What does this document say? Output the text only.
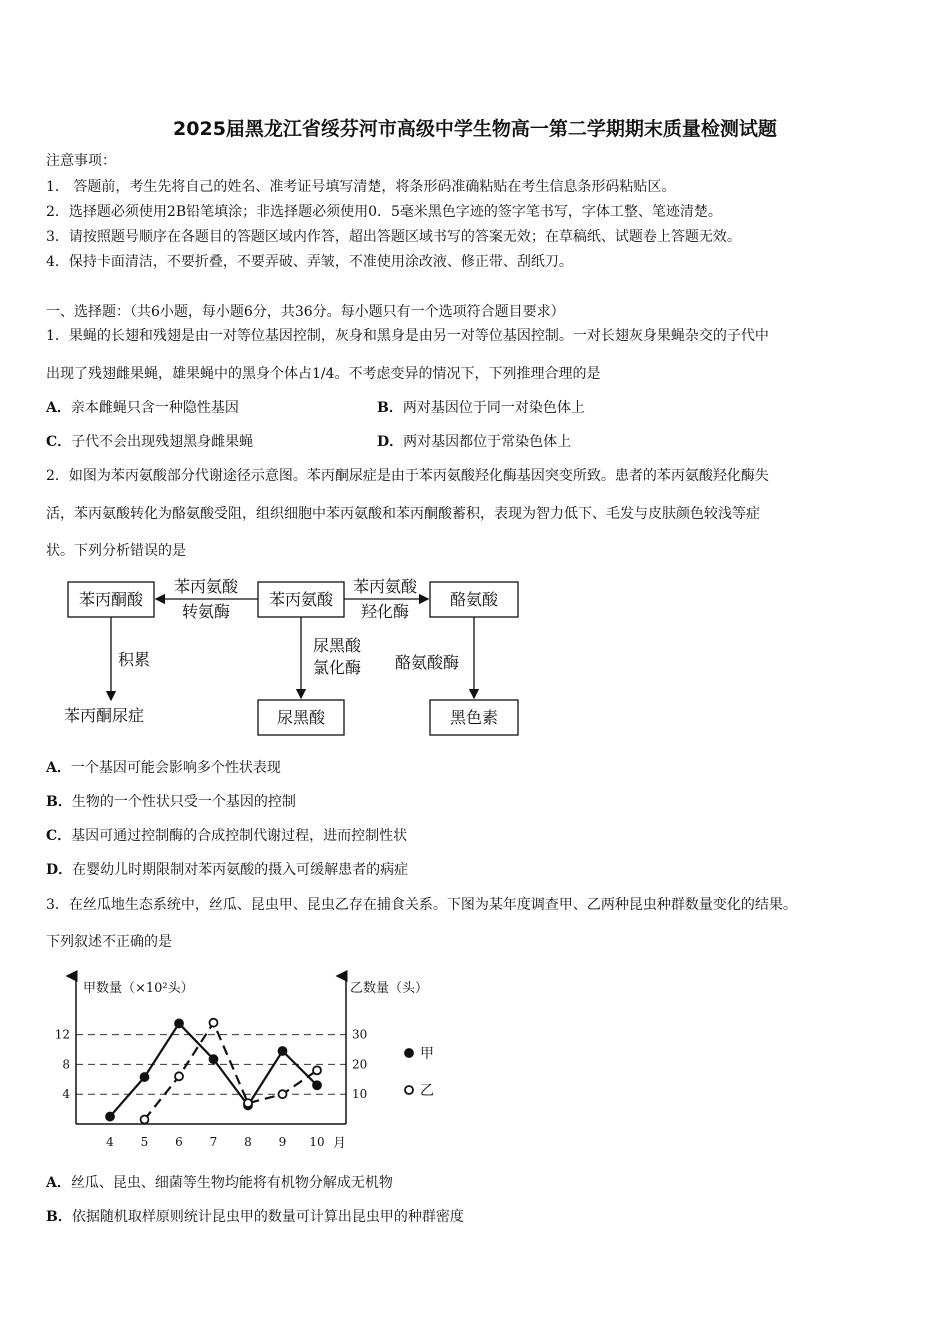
2025届黑龙江省绥芬河市高级中学生物高一第二学期期末质量检测试题
注意事项：
1． 答题前，考生先将自己的姓名、准考证号填写清楚，将条形码准确粘贴在考生信息条形码粘贴区。
2．选择题必须使用2B铅笔填涂；非选择题必须使用0．5毫米黑色字迹的签字笔书写，字体工整、笔迹清楚。
3．请按照题号顺序在各题目的答题区域内作答，超出答题区域书写的答案无效；在草稿纸、试题卷上答题无效。
4．保持卡面清洁，不要折叠，不要弄破、弄皱，不准使用涂改液、修正带、刮纸刀。
一、选择题：（共6小题，每小题6分，共36分。每小题只有一个选项符合题目要求）
1．果蝇的长翅和残翅是由一对等位基因控制，灰身和黑身是由另一对等位基因控制。一对长翅灰身果蝇杂交的子代中
出现了残翅雌果蝇，雄果蝇中的黑身个体占1/4。不考虑变异的情况下，下列推理合理的是
A．亲本雌蝇只含一种隐性基因	B．两对基因位于同一对染色体上
C．子代不会出现残翅黑身雌果蝇	D．两对基因都位于常染色体上
2．如图为苯丙氨酸部分代谢途径示意图。苯丙酮尿症是由于苯丙氨酸羟化酶基因突变所致。患者的苯丙氨酸羟化酶失
活，苯丙氨酸转化为酪氨酸受阻，组织细胞中苯丙氨酸和苯丙酮酸蓄积，表现为智力低下、毛发与皮肤颜色较浅等症
状。下列分析错误的是
苯丙酮酸	苯丙氨酸	酪氨酸
尿黑酸	黑色素
苯丙氨酸
转氨酶
苯丙氨酸
羟化酶
积累
苯丙酮尿症
尿黑酸
氯化酶 酪氨酸酶
A．一个基因可能会影响多个性状表现
B．生物的一个性状只受一个基因的控制
C．基因可通过控制酶的合成控制代谢过程，进而控制性状
D．在婴幼儿时期限制对苯丙氨酸的摄入可缓解患者的病症
3．在丝瓜地生态系统中，丝瓜、昆虫甲、昆虫乙存在捕食关系。下图为某年度调查甲、乙两种昆虫种群数量变化的结果。
下列叙述不正确的是
4	10
8	20
12	30
4 5 6 7 8 9 10
甲数量（×10²头）	乙数量（头）
月
甲
乙
A．丝瓜、昆虫、细菌等生物均能将有机物分解成无机物
B．依据随机取样原则统计昆虫甲的数量可计算出昆虫甲的种群密度
